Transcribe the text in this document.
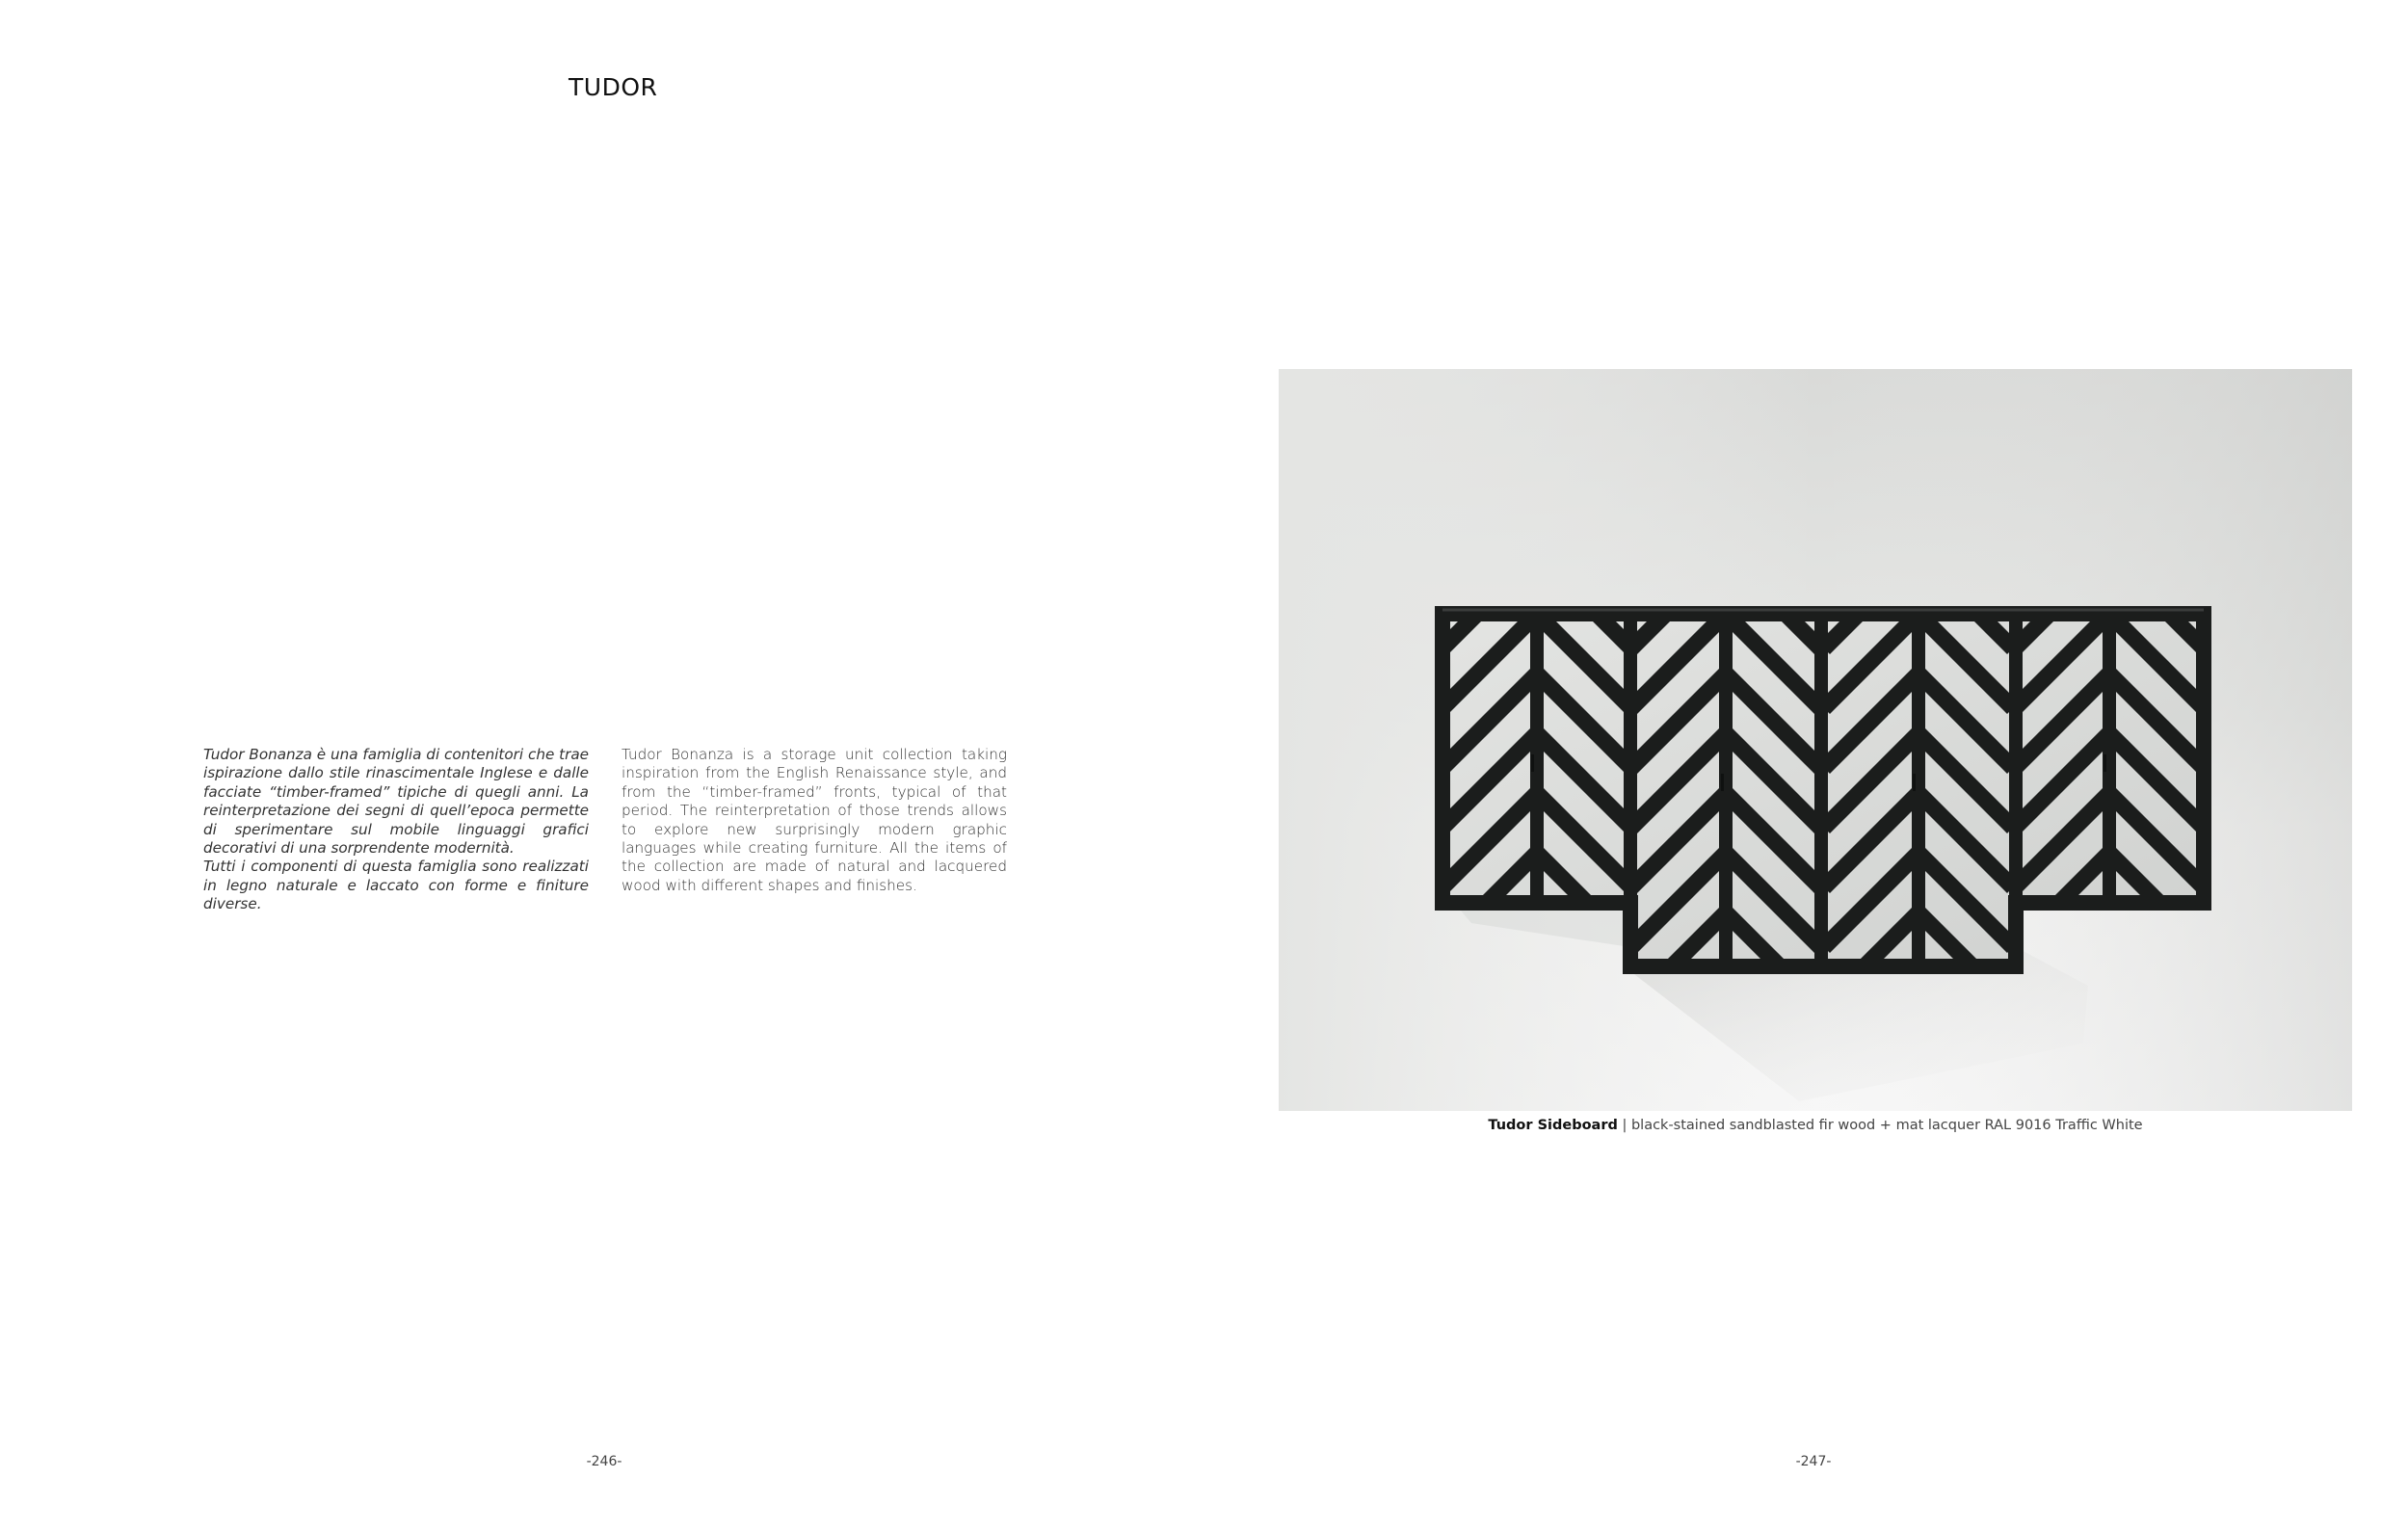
TUDOR

Tudor Bonanza è una famiglia di contenitori che trae ispirazione dallo stile rinascimentale Inglese e dalle facciate “timber-framed” tipiche di quegli anni. La reinterpretazione dei segni di quell’epoca permette di sperimentare sul mobile linguaggi grafici decorativi di una sorprendente modernità.

Tutti i componenti di questa famiglia sono realizzati in legno naturale e laccato con forme e finiture diverse.

Tudor Bonanza is a storage unit collection taking inspiration from the English Renaissance style, and from the “timber-framed” fronts, typical of that period. The reinterpretation of those trends allows to explore new surprisingly modern graphic languages while creating furniture. All the items of the collection are made of natural and lacquered wood with different shapes and finishes.

Tudor Sideboard | black-stained sandblasted fir wood + mat lacquer RAL 9016 Traffic White
-246-	-247-
